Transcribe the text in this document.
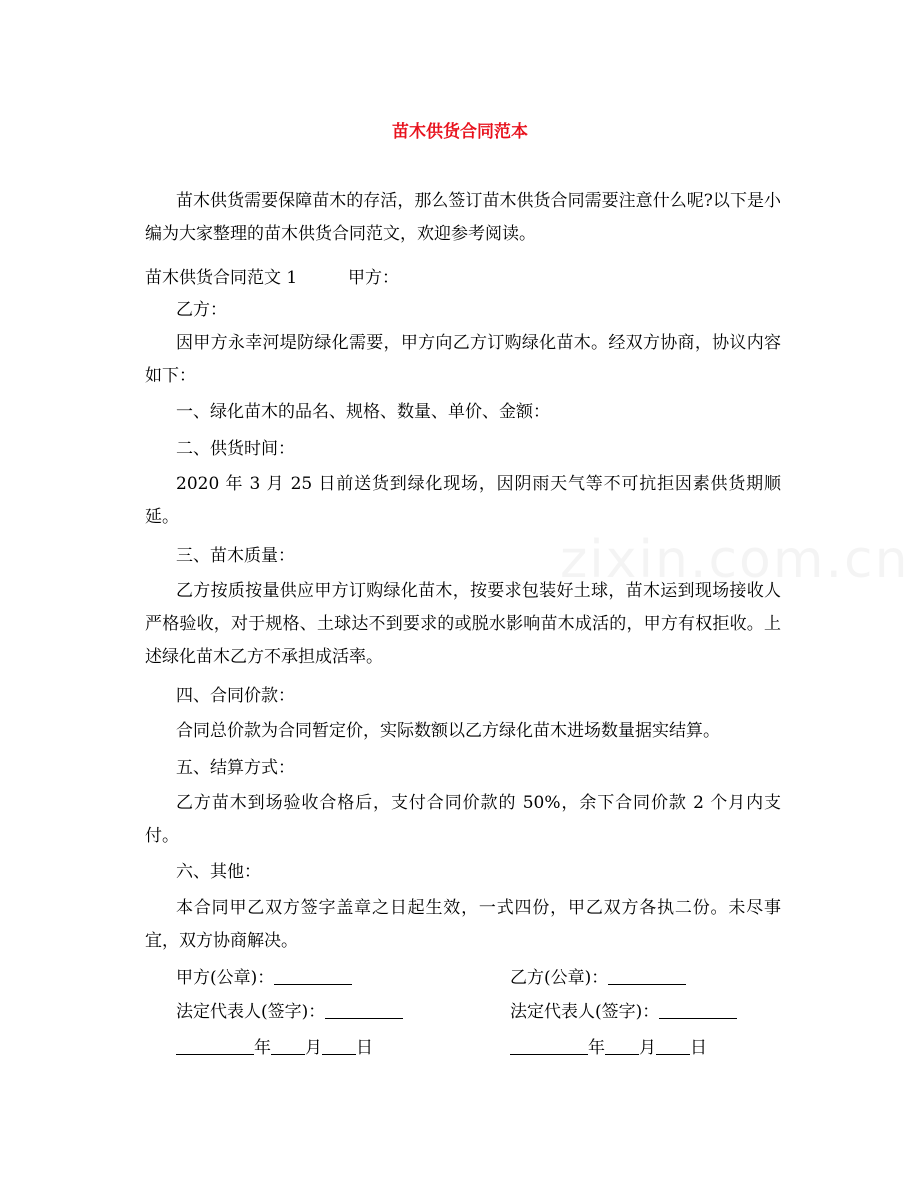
苗木供货合同范本

苗木供货需要保障苗木的存活，那么签订苗木供货合同需要注意什么呢?以下是小编为大家整理的苗木供货合同范文，欢迎参考阅读。

苗木供货合同范文 1	甲方：
乙方：

因甲方永幸河堤防绿化需要，甲方向乙方订购绿化苗木。经双方协商，协议内容如下：

一、绿化苗木的品名、规格、数量、单价、金额：
二、供货时间：

2020 年 3 月 25 日前送货到绿化现场，因阴雨天气等不可抗拒因素供货期顺延。

三、苗木质量：

乙方按质按量供应甲方订购绿化苗木，按要求包装好土球，苗木运到现场接收人严格验收，对于规格、土球达不到要求的或脱水影响苗木成活的，甲方有权拒收。上述绿化苗木乙方不承担成活率。

四、合同价款：

合同总价款为合同暂定价，实际数额以乙方绿化苗木进场数量据实结算。

五、结算方式：

乙方苗木到场验收合格后，支付合同价款的 50%，余下合同价款 2 个月内支付。

六、其他：

本合同甲乙双方签字盖章之日起生效，一式四份，甲乙双方各执二份。未尽事宜，双方协商解决。

甲方(公章)：	乙方(公章)：
法定代表人(签字)：	法定代表人(签字)：
年 月 日	年 月 日
